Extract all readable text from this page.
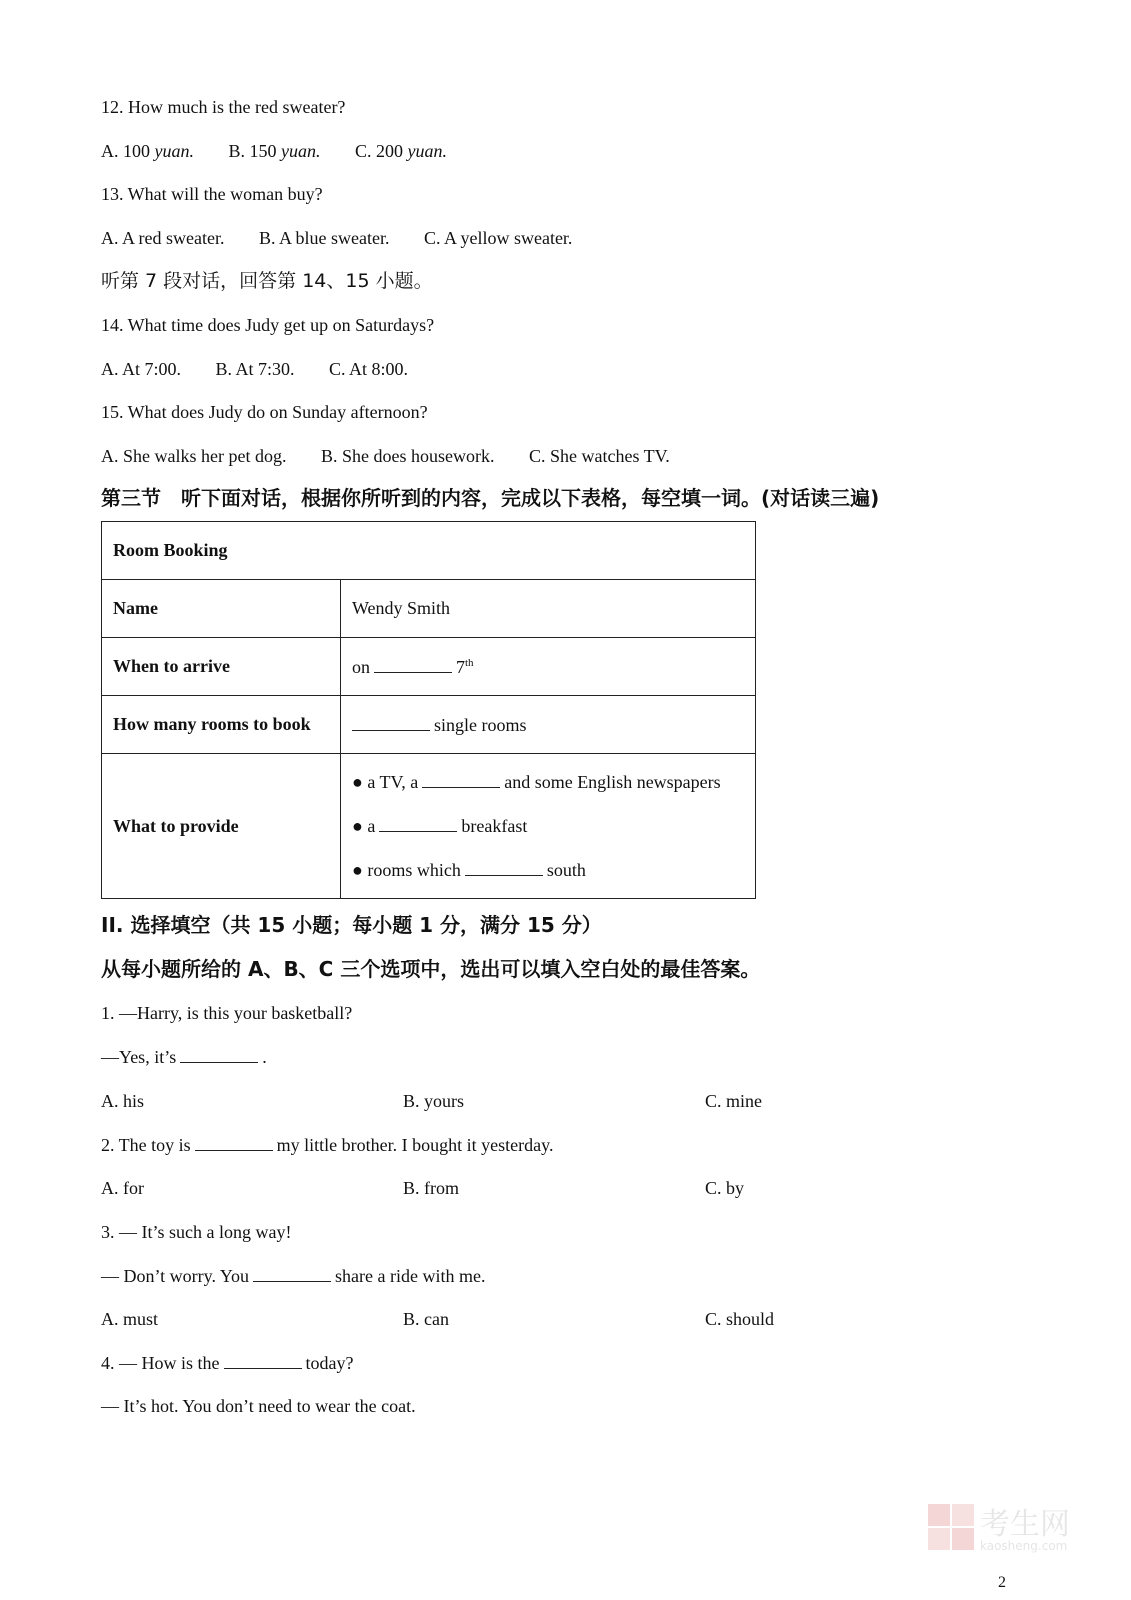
12. How much is the red sweater?
A. 100 yuan. B. 150 yuan. C. 200 yuan.
13. What will the woman buy?
A. A red sweater. B. A blue sweater. C. A yellow sweater.
听第 7 段对话，回答第 14、15 小题。
14. What time does Judy get up on Saturdays?
A. At 7:00. B. At 7:30. C. At 8:00.
15. What does Judy do on Sunday afternoon?
A. She walks her pet dog. B. She does housework. C. She watches TV.
第三节　听下面对话，根据你所听到的内容，完成以下表格，每空填一词。(对话读三遍)
Room Booking	
Name	Wendy Smith
When to arrive	on 7th
How many rooms to book	single rooms
What to provide	● a TV, a and some English newspapers
● a breakfast
● rooms which south
II. 选择填空（共 15 小题；每小题 1 分，满分 15 分）
从每小题所给的 A、B、C 三个选项中，选出可以填入空白处的最佳答案。
1. —Harry, is this your basketball?
—Yes, it’s	.
A. his	B. yours	C. mine
2. The toy is	my little brother. I bought it yesterday.
A. for	B. from	C. by
3. — It’s such a long way!
— Don’t worry. You	share a ride with me.
A. must	B. can	C. should
4. — How is the	today?
— It’s hot. You don’t need to wear the coat.
考生网
kaosheng.com
2
